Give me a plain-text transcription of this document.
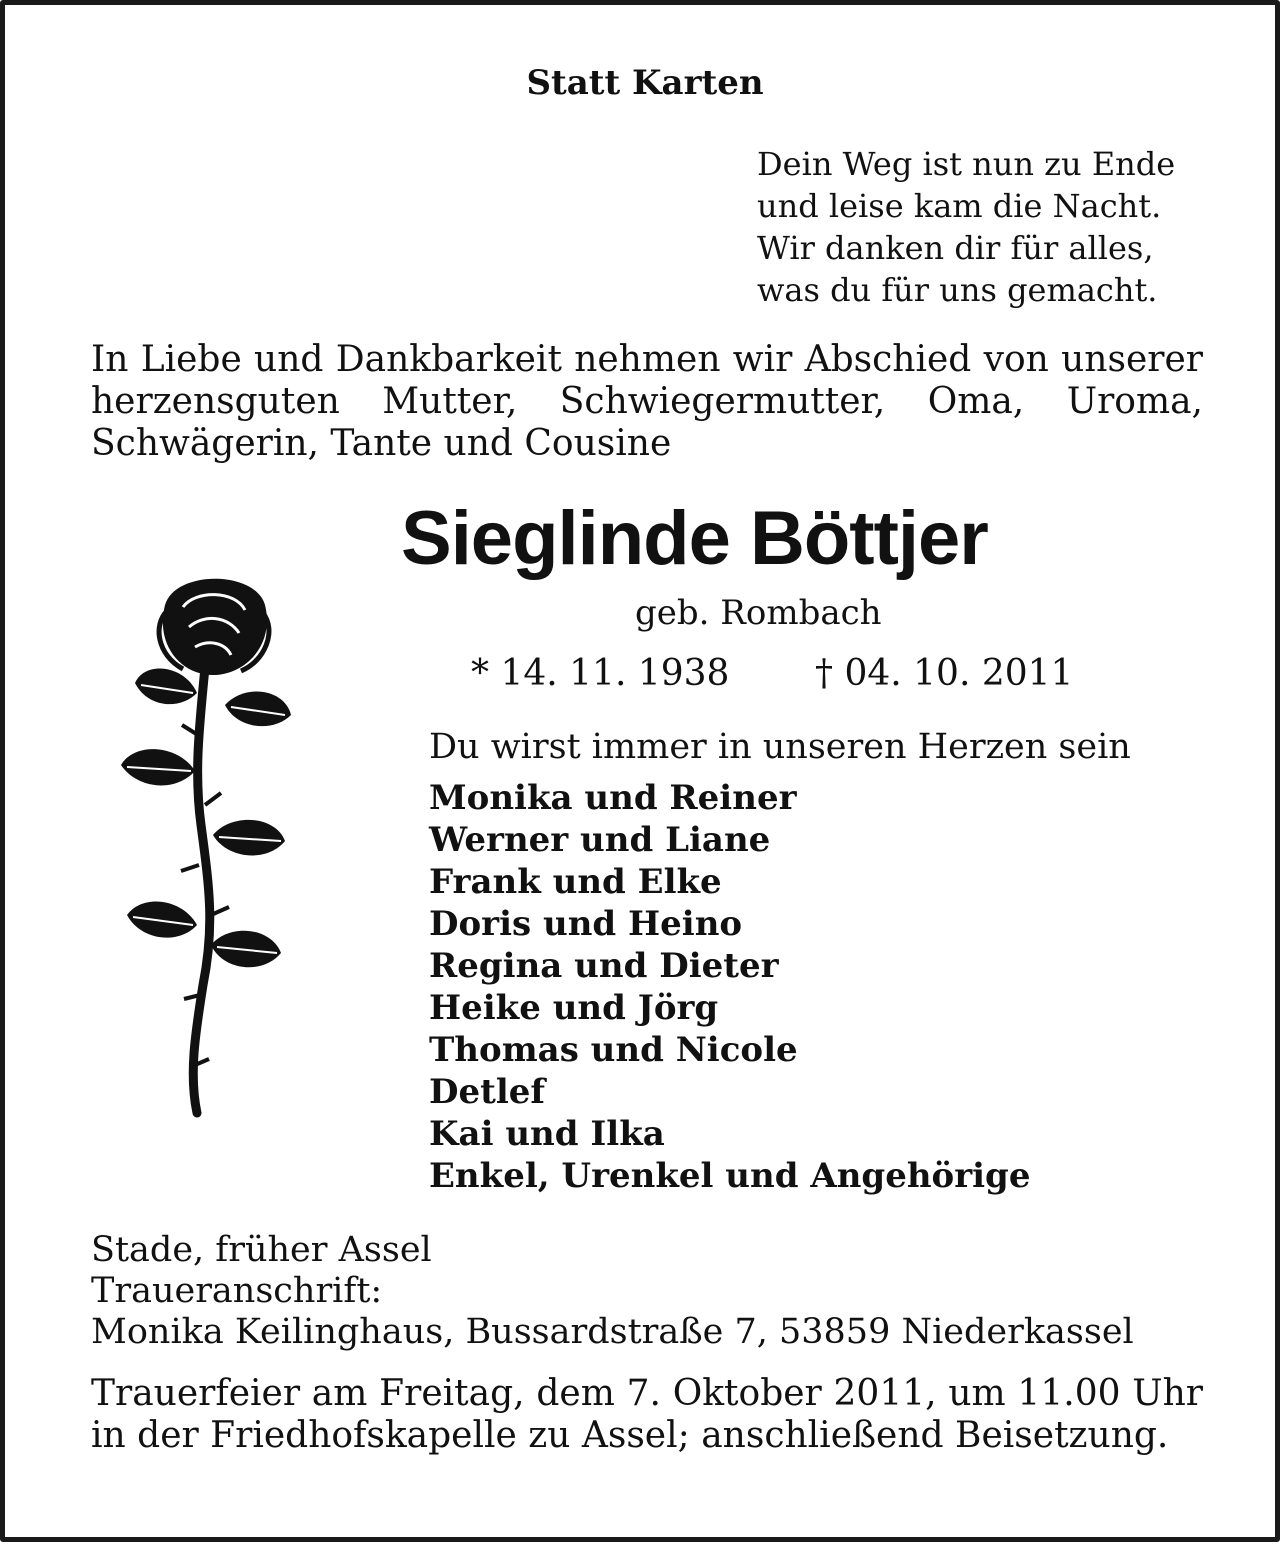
Statt Karten
Dein Weg ist nun zu Ende
und leise kam die Nacht.
Wir danken dir für alles,
was du für uns gemacht.
In Liebe und Dankbarkeit nehmen wir Abschied von unserer herzensguten Mutter, Schwiegermutter, Oma, Uroma, Schwägerin, Tante und Cousine
Sieglinde Böttjer
geb. Rombach
* 14. 11. 1938 † 04. 10. 2011
Du wirst immer in unseren Herzen sein
Monika und Reiner
Werner und Liane
Frank und Elke
Doris und Heino
Regina und Dieter
Heike und Jörg
Thomas und Nicole
Detlef
Kai und Ilka
Enkel, Urenkel und Angehörige
Stade, früher Assel
Traueranschrift:
Monika Keilinghaus, Bussardstraße 7, 53859 Niederkassel
Trauerfeier am Freitag, dem 7. Oktober 2011, um 11.00 Uhr in der Friedhofskapelle zu Assel; anschließend Beisetzung.
